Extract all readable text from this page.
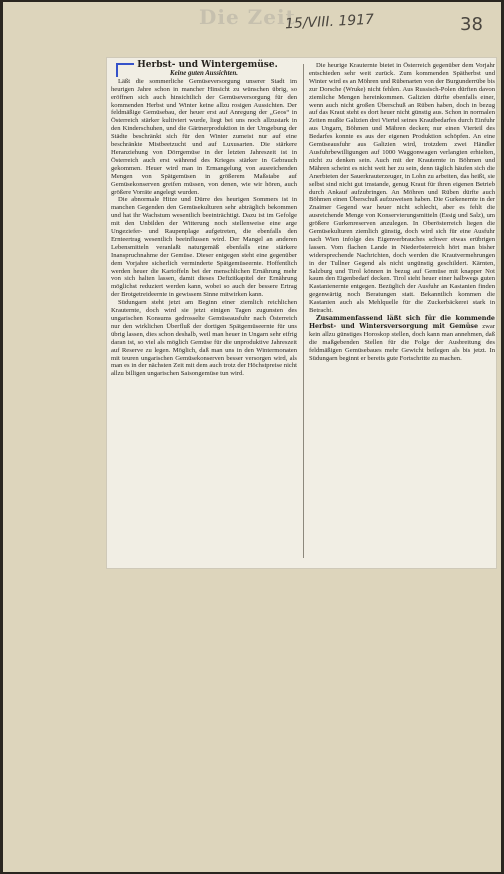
Die Zeit
15/VIII. 1917	38

Herbst- und Wintergemüse.

Keine guten Aussichten.

Läßt die sommerliche Gemüseversorgung unserer Stadt im heurigen Jahre schon in mancher Hinsicht zu wünschen übrig, so eröffnen sich auch hinsichtlich der Gemüseversorgung für den kommenden Herbst und Winter keine allzu rosigen Aussichten. Der feldmäßige Gemüsebau, der heuer erst auf Anregung der „Geos“ in Österreich stärker kultiviert wurde, liegt bei uns noch allzustark in den Kinderschuhen, und die Gärtnerproduktion in der Umgebung der Städte beschränkt sich für den Winter zumeist nur auf eine beschränkte Mistbeetzucht und auf Luxusarten. Die stärkere Heranziehung von Dörrgemüse in der letzten Jahreszeit ist in Österreich auch erst während des Krieges stärker in Gebrauch gekommen. Heuer wird man in Ermangelung von ausreichenden Mengen von Spätgemüsen in größerem Maßstabe auf Gemüsekonserven greifen müssen, von denen, wie wir hören, auch größere Vorräte angelegt wurden.

Die abnormale Hitze und Dürre des heurigen Sommers ist in manchen Gegenden den Gemüsekulturen sehr abträglich bekommen und hat ihr Wachstum wesentlich beeinträchtigt. Dazu ist im Gefolge mit den Unbilden der Witterung noch stellenweise eine arge Ungeziefer- und Raupenplage aufgetreten, die ebenfalls den Ernteertrag wesentlich beeinflussen wird. Der Mangel an anderen Lebensmitteln veranlaßt naturgemäß ebenfalls eine stärkere Inanspruchnahme der Gemüse. Dieser entgegen steht eine gegenüber dem Vorjahre sicherlich verminderte Spätgemüseernte. Hoffentlich werden heuer die Kartoffeln bei der menschlichen Ernährung mehr von sich halten lassen, damit dieses Defizitkapitel der Ernährung möglichst reduziert werden kann, wobei so auch der bessere Ertrag der Brotgetreideernte in gewissem Sinne mitwirken kann.

Südungarn steht jetzt am Beginn einer ziemlich reichlichen Krauternte, doch wird sie jetzt einigen Tagen zugunsten des ungarischen Konsums gedrosselte Gemüseausfuhr nach Österreich nur den wirklichen Überfluß der dortigen Spätgemüseernte für uns übrig lassen, dies schon deshalb, weil man heuer in Ungarn sehr eifrig daran ist, so viel als möglich Gemüse für die unproduktive Jahreszeit auf Reserve zu legen. Möglich, daß man uns in den Wintermonaten mit teuren ungarischen Gemüsekonserven besser versorgen wird, als man es in der nächsten Zeit mit dem auch trotz der Höchstpreise nicht allzu billigen ungarischen Saisongemüse tun wird.

Die heurige Krauternte bietet in Österreich gegenüber dem Vorjahr entschieden sehr weit zurück. Zum kommenden Spätherbst und Winter wird es an Möhren und Rübenarten von der Burgunderrübe bis zur Dorsche (Wruke) nicht fehlen. Aus Russisch-Polen dürften davon ziemliche Mengen hereinkommen. Galizien dürfte ebenfalls einer, wenn auch nicht großen Überschuß an Rüben haben, doch in bezug auf das Kraut steht es dort heuer nicht günstig aus. Schon in normalen Zeiten mußte Galizien drei Viertel seines Krautbedarfes durch Einfuhr aus Ungarn, Böhmen und Mähren decken; nur einen Vierteil des Bedarfes konnte es aus der eigenen Produktion schöpfen. An eine Gemüseausfuhr aus Galizien wird, trotzdem zwei Händler Ausfuhrbewilligungen auf 1000 Waggonwagen verlangten erhielten, nicht zu denken sein. Auch mit der Krauternte in Böhmen und Mähren scheint es nicht weit her zu sein, denn täglich häufen sich die Anerbieten der Sauerkrauterzeuger, in Lohn zu arbeiten, das heißt, sie selbst sind nicht gut imstande, genug Kraut für ihren eigenen Betrieb durch Ankauf aufzubringen. An Möhren und Rüben dürfte auch Böhmen einen Überschuß aufzuweisen haben. Die Gurkenernte in der Znaimer Gegend war heuer nicht schlecht, aber es fehlt die ausreichende Menge von Konservierungsmitteln (Essig und Salz), um größere Gurkenreserven anzulegen. In Oberösterreich liegen die Gemüsekulturen ziemlich günstig, doch wird sich für eine Ausfuhr nach Wien infolge des Eigenverbrauches schwer etwas erübrigen lassen. Vom flachen Lande in Niederösterreich hört man bisher widersprechende Nachrichten, doch werden die Krautvermehrungen in der Tullner Gegend als nicht ungünstig geschildert. Kärnten, Salzburg und Tirol können in bezug auf Gemüse mit knapper Not kaum den Eigenbedarf decken. Tirol sieht heuer einer halbwegs guten Kastanienernte entgegen. Bezüglich der Ausfuhr an Kastanien finden gegenwärtig noch Beratungen statt. Bekanntlich kommen die Kastanien auch als Mehlquelle für die Zuckerbäckerei stark in Betracht.

Zusammenfassend läßt sich für die kommende Herbst- und Wintersversorgung mit Gemüse zwar kein allzu günstiges Horoskop stellen, doch kann man annehmen, daß die maßgebenden Stellen für die Folge der Ausbreitung des feldmäßigen Gemüsebaues mehr Gewicht beilegen als bis jetzt. In Südungarn beginnt er bereits gute Fortschritte zu machen.
